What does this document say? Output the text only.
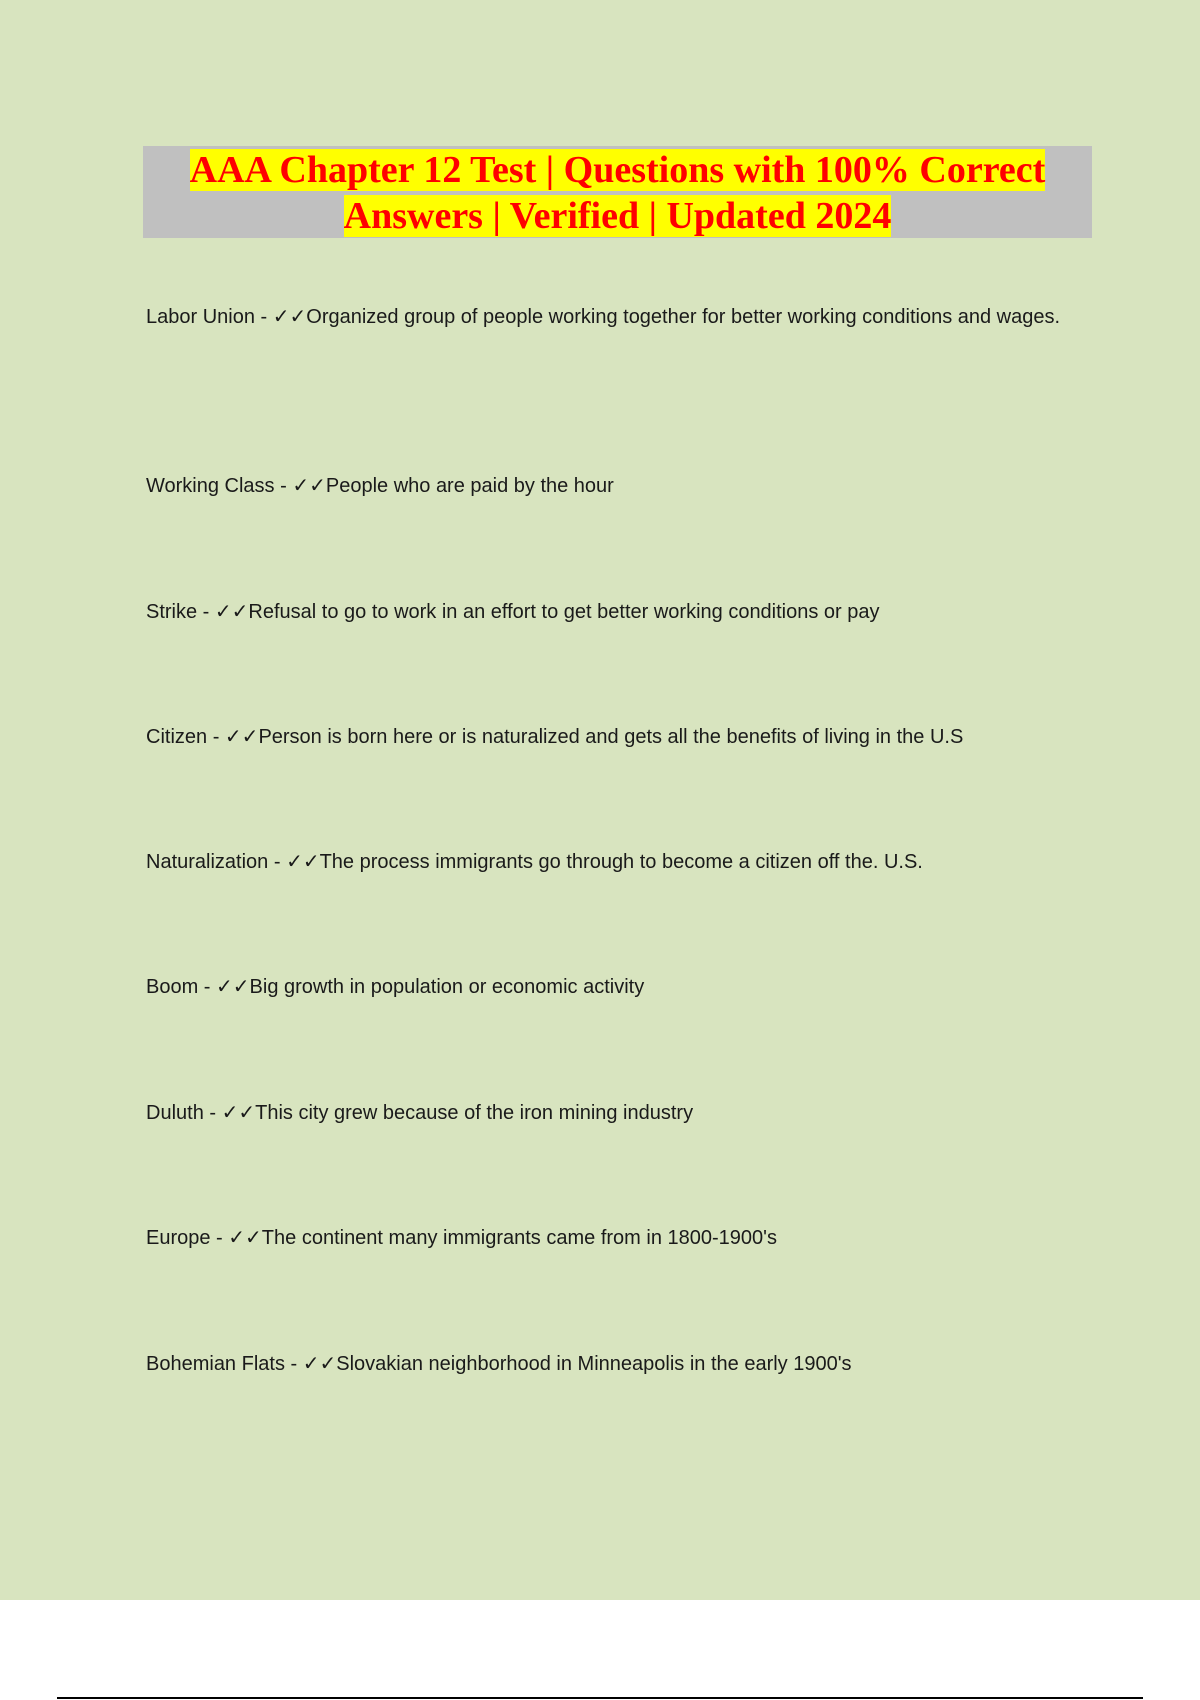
AAA Chapter 12 Test | Questions with 100% Correct Answers | Verified | Updated 2024

Labor Union - ✓✓Organized group of people working together for better working conditions and wages.

Working Class - ✓✓People who are paid by the hour

Strike - ✓✓Refusal to go to work in an effort to get better working conditions or pay

Citizen - ✓✓Person is born here or is naturalized and gets all the benefits of living in the U.S

Naturalization - ✓✓The process immigrants go through to become a citizen off the. U.S.

Boom - ✓✓Big growth in population or economic activity

Duluth - ✓✓This city grew because of the iron mining industry

Europe - ✓✓The continent many immigrants came from in 1800-1900's

Bohemian Flats - ✓✓Slovakian neighborhood in Minneapolis in the early 1900's
